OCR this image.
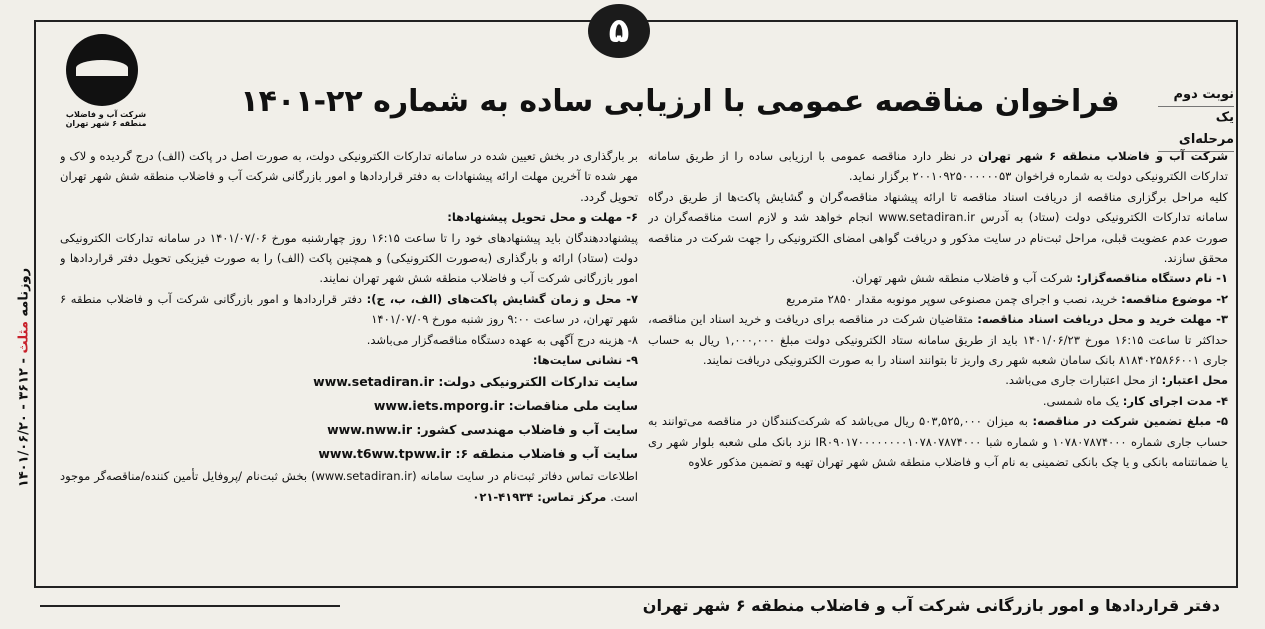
۵
شرکت آب و فاضلاب
منطقه ۶ شهر تهران
نوبت دوم
یک مرحله‌ای
فراخوان مناقصه عمومی با ارزیابی ساده به شماره ۲۲-۱۴۰۱

شرکت آب و فاضلاب منطقه ۶ شهر تهران در نظر دارد مناقصه عمومی با ارزیابی ساده را از طریق سامانه تدارکات الکترونیکی دولت به شماره فراخوان ۲۰۰۱۰۹۲۵۰۰۰۰۰۰۵۳ برگزار نماید.

کلیه مراحل برگزاری مناقصه از دریافت اسناد مناقصه تا ارائه پیشنهاد مناقصه‌گران و گشایش پاکت‌ها از طریق درگاه سامانه تدارکات الکترونیکی دولت (ستاد) به آدرس www.setadiran.ir انجام خواهد شد و لازم است مناقصه‌گران در صورت عدم عضویت قبلی، مراحل ثبت‌نام در سایت مذکور و دریافت گواهی امضای الکترونیکی را جهت شرکت در مناقصه محقق سازند.

۱- نام دستگاه مناقصه‌گزار: شرکت آب و فاضلاب منطقه شش شهر تهران.

۲- موضوع مناقصه: خرید، نصب و اجرای چمن مصنوعی سوپر مونوبه مقدار ۲۸۵۰ مترمربع

۳- مهلت خرید و محل دریافت اسناد مناقصه: متقاضیان شرکت در مناقصه برای دریافت و خرید اسناد این مناقصه، حداکثر تا ساعت ۱۶:۱۵ مورخ ۱۴۰۱/۰۶/۲۳ باید از طریق سامانه ستاد الکترونیکی دولت مبلغ ۱,۰۰۰,۰۰۰ ریال به حساب جاری ۸۱۸۴۰۲۵۸۶۶۰۰۱ بانک سامان شعبه شهر ری واریز تا بتوانند اسناد را به صورت الکترونیکی دریافت نمایند.

محل اعتبار: از محل اعتبارات جاری می‌باشد.

۴- مدت اجرای کار: یک ماه شمسی.

۵- مبلغ تضمین شرکت در مناقصه: به میزان ۵۰۳,۵۲۵,۰۰۰ ریال می‌باشد که شرکت‌کنندگان در مناقصه می‌توانند به حساب جاری شماره ۱۰۷۸۰۷۸۷۴۰۰۰ و شماره شبا IR۰۹۰۱۷۰۰۰۰۰۰۰۰۱۰۷۸۰۷۸۷۴۰۰۰ نزد بانک ملی شعبه بلوار شهر ری یا ضمانتنامه بانکی و یا چک بانکی تضمینی به نام آب و فاضلاب منطقه شش شهر تهران تهیه و تضمین مذکور علاوه

بر بارگذاری در بخش تعیین شده در سامانه تدارکات الکترونیکی دولت، به صورت اصل در پاکت (الف) درج گردیده و لاک و مهر شده تا آخرین مهلت ارائه پیشنهادات به دفتر قراردادها و امور بازرگانی شرکت آب و فاضلاب منطقه شش شهر تهران تحویل گردد.

۶- مهلت و محل تحویل پیشنهادها:

پیشنهاددهندگان باید پیشنهادهای خود را تا ساعت ۱۶:۱۵ روز چهارشنبه مورخ ۱۴۰۱/۰۷/۰۶ در سامانه تدارکات الکترونیکی دولت (ستاد) ارائه و بارگذاری (به‌صورت الکترونیکی) و همچنین پاکت (الف) را به صورت فیزیکی تحویل دفتر قراردادها و امور بازرگانی شرکت آب و فاضلاب منطقه شش شهر تهران نمایند.

۷- محل و زمان گشایش پاکت‌های (الف، ب، ج): دفتر قراردادها و امور بازرگانی شرکت آب و فاضلاب منطقه ۶ شهر تهران، در ساعت ۹:۰۰ روز شنبه مورخ ۱۴۰۱/۰۷/۰۹

۸- هزینه درج آگهی به عهده دستگاه مناقصه‌گزار می‌باشد.

۹- نشانی سایت‌ها:

سایت تدارکات الکترونیکی دولت: www.setadiran.ir

سایت ملی مناقصات: www.iets.mporg.ir

سایت آب و فاضلاب مهندسی کشور: www.nww.ir

سایت آب و فاضلاب منطقه ۶: www.t6ww.tpww.ir

اطلاعات تماس دفاتر ثبت‌نام در سایت سامانه (www.setadiran.ir) بخش ثبت‌نام /پروفایل تأمین کننده/مناقصه‌گر موجود است. مرکز تماس: ۴۱۹۳۴-۰۲۱

دفتر قراردادها و امور بازرگانی شرکت آب و فاضلاب منطقه ۶ شهر تهران
روزنامه مثلث - ۳۶۱۲ - ۱۴۰۱/۰۶/۲۰
